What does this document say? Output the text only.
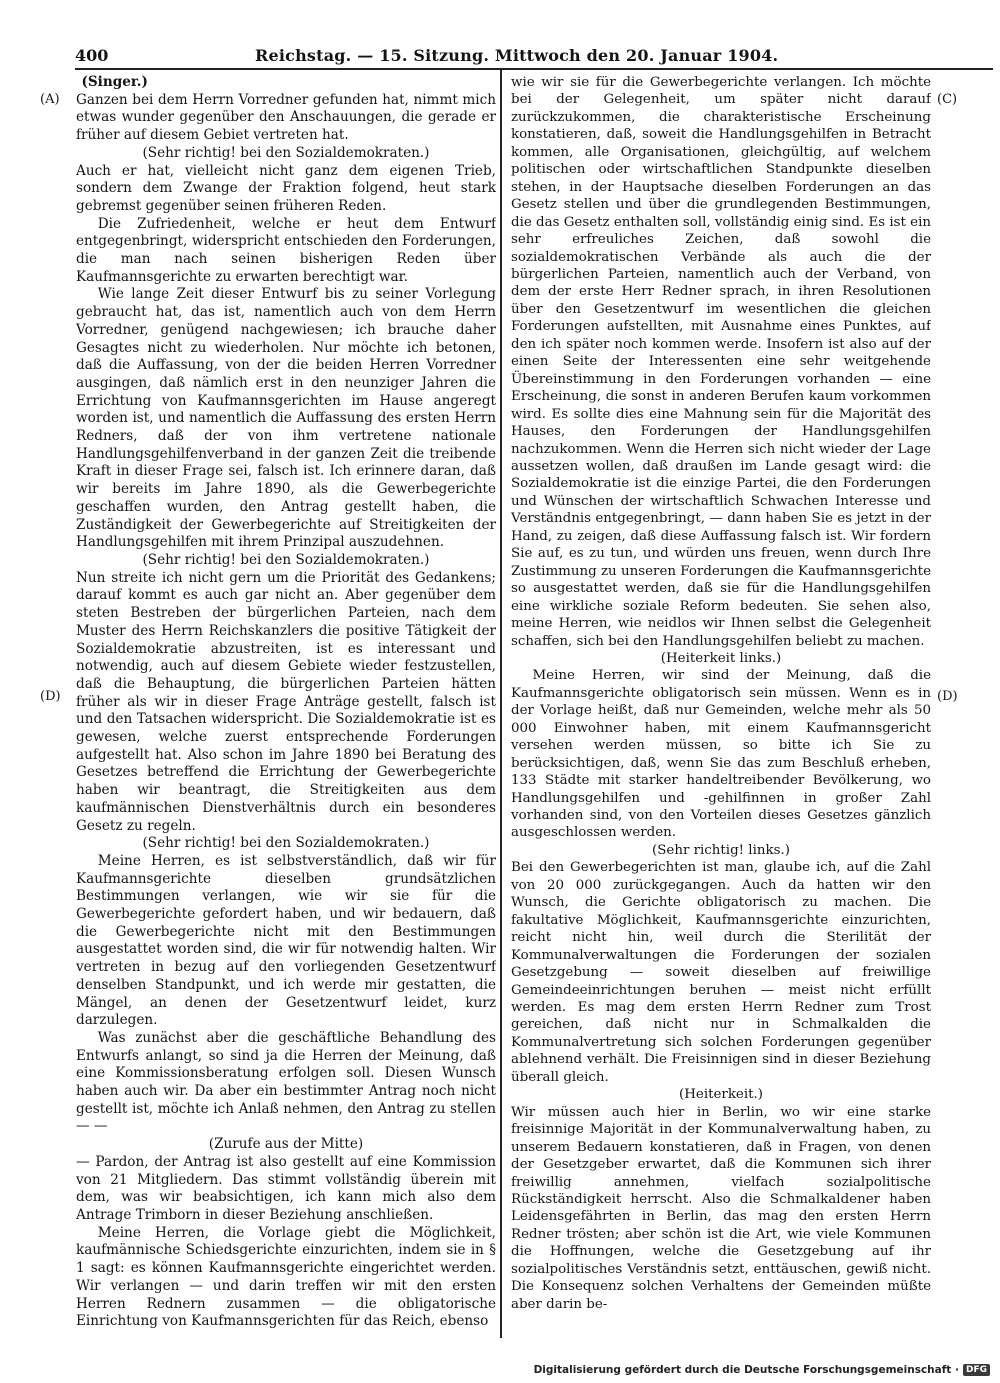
400	Reichstag. — 15. Sitzung. Mittwoch den 20. Januar 1904.
(A)	(C)
(D)	(D)

(Singer.)

Ganzen bei dem Herrn Vorredner gefunden hat, nimmt mich etwas wunder gegenüber den Anschauungen, die gerade er früher auf diesem Gebiet vertreten hat.

(Sehr richtig! bei den Sozialdemokraten.)

Auch er hat, vielleicht nicht ganz dem eigenen Trieb, sondern dem Zwange der Fraktion folgend, heut stark gebremst gegenüber seinen früheren Reden.

Die Zufriedenheit, welche er heut dem Entwurf entgegenbringt, widerspricht entschieden den Forderungen, die man nach seinen bisherigen Reden über Kaufmannsgerichte zu erwarten berechtigt war.

Wie lange Zeit dieser Entwurf bis zu seiner Vorlegung gebraucht hat, das ist, namentlich auch von dem Herrn Vorredner, genügend nachgewiesen; ich brauche daher Gesagtes nicht zu wiederholen. Nur möchte ich betonen, daß die Auffassung, von der die beiden Herren Vorredner ausgingen, daß nämlich erst in den neunziger Jahren die Errichtung von Kaufmannsgerichten im Hause angeregt worden ist, und namentlich die Auffassung des ersten Herrn Redners, daß der von ihm vertretene nationale Handlungsgehilfenverband in der ganzen Zeit die treibende Kraft in dieser Frage sei, falsch ist. Ich erinnere daran, daß wir bereits im Jahre 1890, als die Gewerbegerichte geschaffen wurden, den Antrag gestellt haben, die Zuständigkeit der Gewerbegerichte auf Streitigkeiten der Handlungsgehilfen mit ihrem Prinzipal auszudehnen.

(Sehr richtig! bei den Sozialdemokraten.)

Nun streite ich nicht gern um die Priorität des Gedankens; darauf kommt es auch gar nicht an. Aber gegenüber dem steten Bestreben der bürgerlichen Parteien, nach dem Muster des Herrn Reichskanzlers die positive Tätigkeit der Sozialdemokratie abzustreiten, ist es interessant und notwendig, auch auf diesem Gebiete wieder festzustellen, daß die Behauptung, die bürgerlichen Parteien hätten früher als wir in dieser Frage Anträge gestellt, falsch ist und den Tatsachen widerspricht. Die Sozialdemokratie ist es gewesen, welche zuerst entsprechende Forderungen aufgestellt hat. Also schon im Jahre 1890 bei Beratung des Gesetzes betreffend die Errichtung der Gewerbegerichte haben wir beantragt, die Streitigkeiten aus dem kaufmännischen Dienstverhältnis durch ein besonderes Gesetz zu regeln.

(Sehr richtig! bei den Sozialdemokraten.)

Meine Herren, es ist selbstverständlich, daß wir für Kaufmannsgerichte dieselben grundsätzlichen Bestimmungen verlangen, wie wir sie für die Gewerbegerichte gefordert haben, und wir bedauern, daß die Gewerbegerichte nicht mit den Bestimmungen ausgestattet worden sind, die wir für notwendig halten. Wir vertreten in bezug auf den vorliegenden Gesetzentwurf denselben Standpunkt, und ich werde mir gestatten, die Mängel, an denen der Gesetzentwurf leidet, kurz darzulegen.

Was zunächst aber die geschäftliche Behandlung des Entwurfs anlangt, so sind ja die Herren der Meinung, daß eine Kommissionsberatung erfolgen soll. Diesen Wunsch haben auch wir. Da aber ein bestimmter Antrag noch nicht gestellt ist, möchte ich Anlaß nehmen, den Antrag zu stellen — —

(Zurufe aus der Mitte)

— Pardon, der Antrag ist also gestellt auf eine Kommission von 21 Mitgliedern. Das stimmt vollständig überein mit dem, was wir beabsichtigen, ich kann mich also dem Antrage Trimborn in dieser Beziehung anschließen.

Meine Herren, die Vorlage giebt die Möglichkeit, kaufmännische Schiedsgerichte einzurichten, indem sie in § 1 sagt: es können Kaufmannsgerichte eingerichtet werden. Wir verlangen — und darin treffen wir mit den ersten Herren Rednern zusammen — die obligatorische Einrichtung von Kaufmannsgerichten für das Reich, ebenso

wie wir sie für die Gewerbegerichte verlangen. Ich möchte bei der Gelegenheit, um später nicht darauf zurückzukommen, die charakteristische Erscheinung konstatieren, daß, soweit die Handlungsgehilfen in Betracht kommen, alle Organisationen, gleichgültig, auf welchem politischen oder wirtschaftlichen Standpunkte dieselben stehen, in der Hauptsache dieselben Forderungen an das Gesetz stellen und über die grundlegenden Bestimmungen, die das Gesetz enthalten soll, vollständig einig sind. Es ist ein sehr erfreuliches Zeichen, daß sowohl die sozialdemokratischen Verbände als auch die der bürgerlichen Parteien, namentlich auch der Verband, von dem der erste Herr Redner sprach, in ihren Resolutionen über den Gesetzentwurf im wesentlichen die gleichen Forderungen aufstellten, mit Ausnahme eines Punktes, auf den ich später noch kommen werde. Insofern ist also auf der einen Seite der Interessenten eine sehr weitgehende Übereinstimmung in den Forderungen vorhanden — eine Erscheinung, die sonst in anderen Berufen kaum vorkommen wird. Es sollte dies eine Mahnung sein für die Majorität des Hauses, den Forderungen der Handlungsgehilfen nachzukommen. Wenn die Herren sich nicht wieder der Lage aussetzen wollen, daß draußen im Lande gesagt wird: die Sozialdemokratie ist die einzige Partei, die den Forderungen und Wünschen der wirtschaftlich Schwachen Interesse und Verständnis entgegenbringt, — dann haben Sie es jetzt in der Hand, zu zeigen, daß diese Auffassung falsch ist. Wir fordern Sie auf, es zu tun, und würden uns freuen, wenn durch Ihre Zustimmung zu unseren Forderungen die Kaufmannsgerichte so ausgestattet werden, daß sie für die Handlungsgehilfen eine wirkliche soziale Reform bedeuten. Sie sehen also, meine Herren, wie neidlos wir Ihnen selbst die Gelegenheit schaffen, sich bei den Handlungsgehilfen beliebt zu machen.

(Heiterkeit links.)

Meine Herren, wir sind der Meinung, daß die Kaufmannsgerichte obligatorisch sein müssen. Wenn es in der Vorlage heißt, daß nur Gemeinden, welche mehr als 50 000 Einwohner haben, mit einem Kaufmannsgericht versehen werden müssen, so bitte ich Sie zu berücksichtigen, daß, wenn Sie das zum Beschluß erheben, 133 Städte mit starker handeltreibender Bevölkerung, wo Handlungsgehilfen und -gehilfinnen in großer Zahl vorhanden sind, von den Vorteilen dieses Gesetzes gänzlich ausgeschlossen werden.

(Sehr richtig! links.)

Bei den Gewerbegerichten ist man, glaube ich, auf die Zahl von 20 000 zurückgegangen. Auch da hatten wir den Wunsch, die Gerichte obligatorisch zu machen. Die fakultative Möglichkeit, Kaufmannsgerichte einzurichten, reicht nicht hin, weil durch die Sterilität der Kommunalverwaltungen die Forderungen der sozialen Gesetzgebung — soweit dieselben auf freiwillige Gemeindeeinrichtungen beruhen — meist nicht erfüllt werden. Es mag dem ersten Herrn Redner zum Trost gereichen, daß nicht nur in Schmalkalden die Kommunalvertretung sich solchen Forderungen gegenüber ablehnend verhält. Die Freisinnigen sind in dieser Beziehung überall gleich.

(Heiterkeit.)

Wir müssen auch hier in Berlin, wo wir eine starke freisinnige Majorität in der Kommunalverwaltung haben, zu unserem Bedauern konstatieren, daß in Fragen, von denen der Gesetzgeber erwartet, daß die Kommunen sich ihrer freiwillig annehmen, vielfach sozialpolitische Rückständigkeit herrscht. Also die Schmalkaldener haben Leidensgefährten in Berlin, das mag den ersten Herrn Redner trösten; aber schön ist die Art, wie viele Kommunen die Hoffnungen, welche die Gesetzgebung auf ihr sozialpolitisches Verständnis setzt, enttäuschen, gewiß nicht. Die Konsequenz solchen Verhaltens der Gemeinden müßte aber darin be-

Digitalisierung gefördert durch die Deutsche Forschungsgemeinschaft · DFG
